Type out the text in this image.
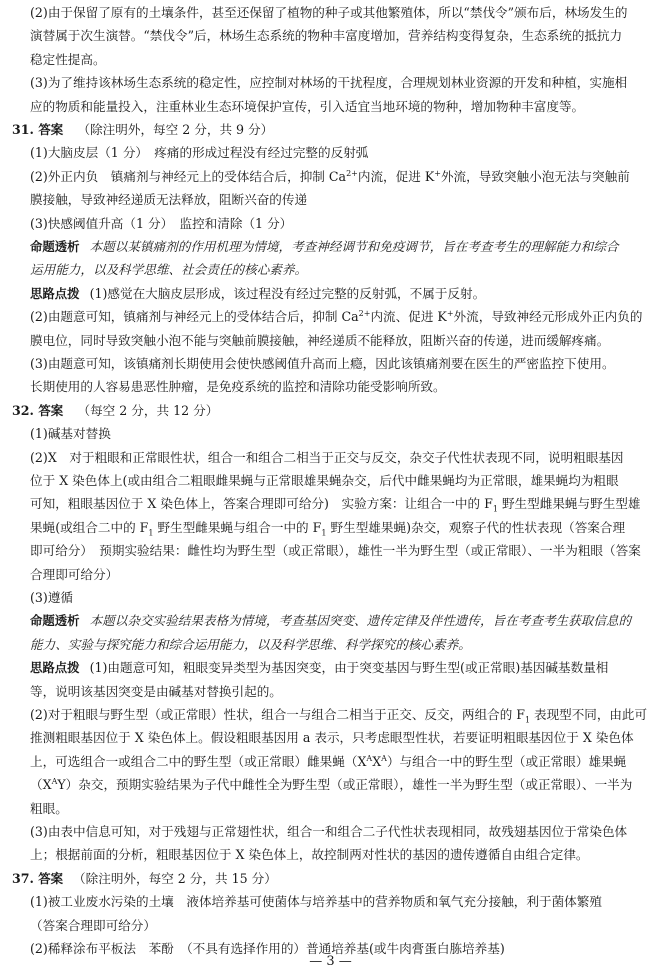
(2)由于保留了原有的土壤条件，甚至还保留了植物的种子或其他繁殖体，所以“禁伐令”颁布后，林场发生的
演替属于次生演替。“禁伐令”后，林场生态系统的物种丰富度增加，营养结构变得复杂，生态系统的抵抗力
稳定性提高。
(3)为了维持该林场生态系统的稳定性，应控制对林场的干扰程度，合理规划林业资源的开发和种植，实施相
应的物质和能量投入，注重林业生态环境保护宣传，引入适宜当地环境的物种，增加物种丰富度等。
31. 答案 （除注明外，每空 2 分，共 9 分）
(1)大脑皮层（1 分）　疼痛的形成过程没有经过完整的反射弧
(2)外正内负　镇痛剂与神经元上的受体结合后，抑制 $Ca^{2+}$内流，促进 K+外流，导致突触小泡无法与突触前
膜接触，导致神经递质无法释放，阻断兴奋的传递
(3)快感阈值升高（1 分）　监控和清除（1 分）
命题透析 本题以某镇痛剂的作用机理为情境，考查神经调节和免疫调节，旨在考查考生的理解能力和综合
运用能力，以及科学思维、社会责任的核心素养。
思路点拨 (1)感觉在大脑皮层形成，该过程没有经过完整的反射弧，不属于反射。
(2)由题意可知，镇痛剂与神经元上的受体结合后，抑制 $Ca^{2+}$内流、促进 K+外流，导致神经元形成外正内负的
膜电位，同时导致突触小泡不能与突触前膜接触，神经递质不能释放，阻断兴奋的传递，进而缓解疼痛。
(3)由题意可知，该镇痛剂长期使用会使快感阈值升高而上瘾，因此该镇痛剂要在医生的严密监控下使用。
长期使用的人容易患恶性肿瘤，是免疫系统的监控和清除功能受影响所致。
32. 答案 （每空 2 分，共 12 分）
(1)碱基对替换
(2)X　对于粗眼和正常眼性状，组合一和组合二相当于正交与反交，杂交子代性状表现不同，说明粗眼基因
位于 X 染色体上(或由组合二粗眼雌果蝇与正常眼雄果蝇杂交，后代中雌果蝇均为正常眼，雄果蝇均为粗眼
可知，粗眼基因位于 X 染色体上，答案合理即可给分)　实验方案：让组合一中的 $F_1$ 野生型雌果蝇与野生型雄
果蝇(或组合二中的 $F_1$ 野生型雌果蝇与组合一中的 $F_1$ 野生型雄果蝇)杂交，观察子代的性状表现（答案合理
即可给分）　预期实验结果：雌性均为野生型（或正常眼），雄性一半为野生型（或正常眼）、一半为粗眼（答案
合理即可给分）
(3)遵循
命题透析 本题以杂交实验结果表格为情境，考查基因突变、遗传定律及伴性遗传，旨在考查考生获取信息的
能力、实验与探究能力和综合运用能力，以及科学思维、科学探究的核心素养。
思路点拨 (1)由题意可知，粗眼变异类型为基因突变，由于突变基因与野生型(或正常眼)基因碱基数量相
等，说明该基因突变是由碱基对替换引起的。
(2)对于粗眼与野生型（或正常眼）性状，组合一与组合二相当于正交、反交，两组合的 $F_1$ 表现型不同，由此可
推测粗眼基因位于 X 染色体上。假设粗眼基因用 a 表示，只考虑眼型性状，若要证明粗眼基因位于 X 染色体
上，可选组合一或组合二中的野生型（或正常眼）雌果蝇$(X^AX^A)$与组合一中的野生型（或正常眼）雄果蝇
$(X^AY)$杂交，预期实验结果为子代中雌性全为野生型（或正常眼），雄性一半为野生型（或正常眼）、一半为
粗眼。
(3)由表中信息可知，对于残翅与正常翅性状，组合一和组合二子代性状表现相同，故残翅基因位于常染色体
上；根据前面的分析，粗眼基因位于 X 染色体上，故控制两对性状的基因的遗传遵循自由组合定律。
— 3 —
37. 答案 （除注明外，每空 2 分，共 15 分）
(1)被工业废水污染的土壤　液体培养基可使菌体与培养基中的营养物质和氧气充分接触，利于菌体繁殖
（答案合理即可给分）
(2)稀释涂布平板法　苯酚　（不具有选择作用的）普通培养基(或牛肉膏蛋白胨培养基)
